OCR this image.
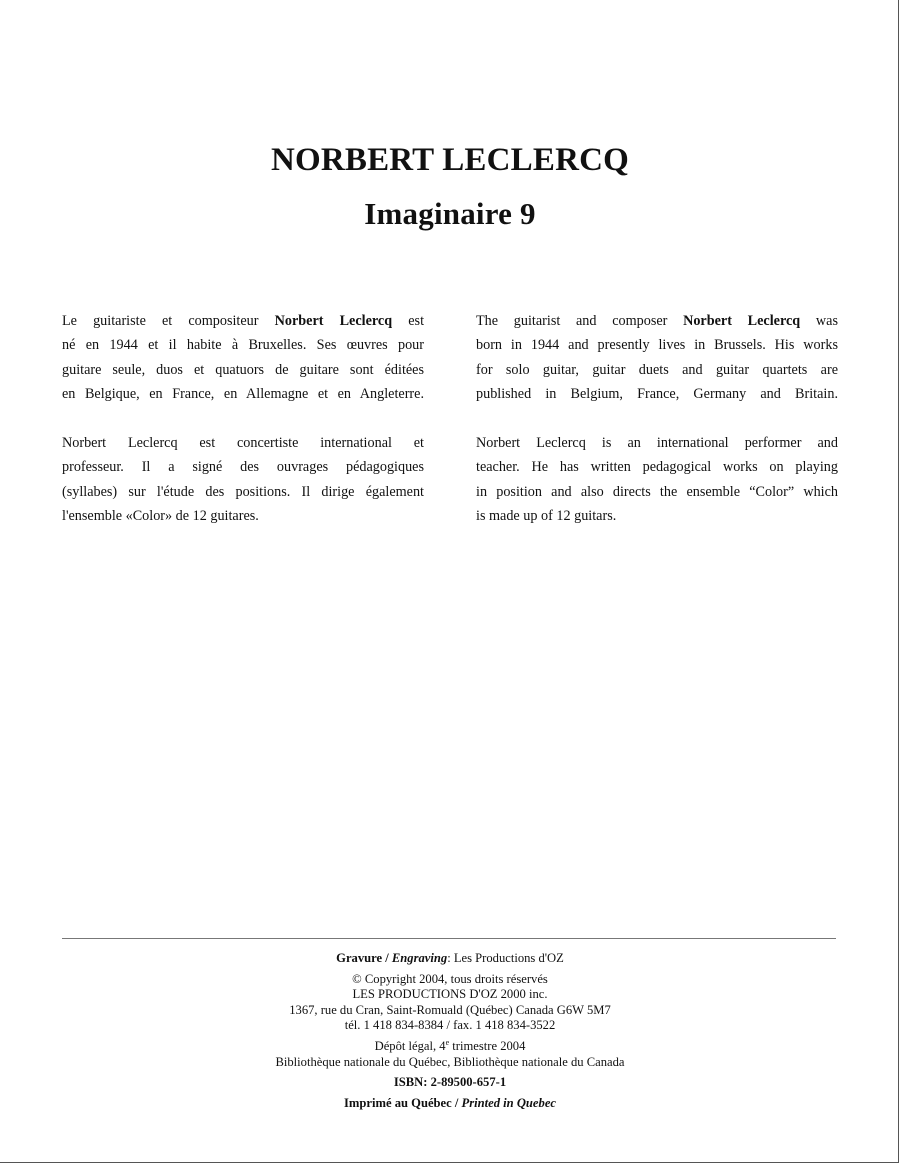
NORBERT LECLERCQ
Imaginaire 9

Le guitariste et compositeur Norbert Leclercq est
né en 1944 et il habite à Bruxelles. Ses œuvres pour
guitare seule, duos et quatuors de guitare sont éditées
en Belgique, en France, en Allemagne et en Angleterre.

Norbert Leclercq est concertiste international et
professeur. Il a signé des ouvrages pédagogiques
(syllabes) sur l'étude des positions. Il dirige également
l'ensemble «Color» de 12 guitares.

The guitarist and composer Norbert Leclercq was
born in 1944 and presently lives in Brussels. His works
for solo guitar, guitar duets and guitar quartets are
published in Belgium, France, Germany and Britain.

Norbert Leclercq is an international performer and
teacher. He has written pedagogical works on playing
in position and also directs the ensemble “Color” which
is made up of 12 guitars.

Gravure / Engraving: Les Productions d'OZ
© Copyright 2004, tous droits réservés
LES PRODUCTIONS D'OZ 2000 inc.
1367, rue du Cran, Saint-Romuald (Québec) Canada G6W 5M7
tél. 1 418 834-8384 / fax. 1 418 834-3522
Dépôt légal, 4e trimestre 2004
Bibliothèque nationale du Québec, Bibliothèque nationale du Canada
ISBN: 2-89500-657-1
Imprimé au Québec / Printed in Quebec
